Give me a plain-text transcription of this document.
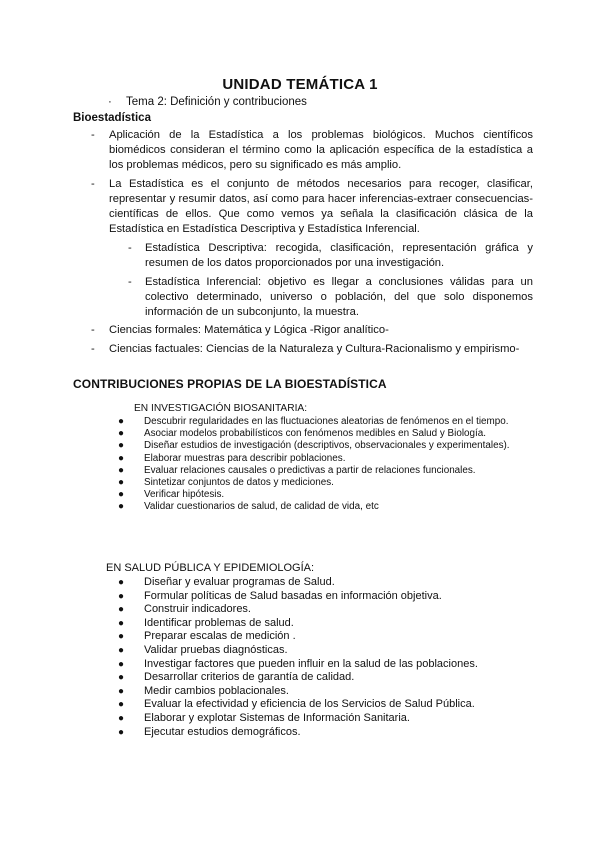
UNIDAD TEMÁTICA 1
· Tema 2: Definición y contribuciones
Bioestadística
- Aplicación de la Estadística a los problemas biológicos. Muchos científicos biomédicos consideran el término como la aplicación específica de la estadística a los problemas médicos, pero su significado es más amplio.
- La Estadística es el conjunto de métodos necesarios para recoger, clasificar, representar y resumir datos, así como para hacer inferencias-extraer consecuencias- científicas de ellos. Que como vemos ya señala la clasificación clásica de la Estadística en Estadística Descriptiva y Estadística Inferencial.
- Estadística Descriptiva: recogida, clasificación, representación gráfica y resumen de los datos proporcionados por una investigación.
- Estadística Inferencial: objetivo es llegar a conclusiones válidas para un colectivo determinado, universo o población, del que solo disponemos información de un subconjunto, la muestra.
- Ciencias formales: Matemática y Lógica -Rigor analítico-
- Ciencias factuales: Ciencias de la Naturaleza y Cultura-Racionalismo y empirismo-
CONTRIBUCIONES PROPIAS DE LA BIOESTADÍSTICA
EN INVESTIGACIÓN BIOSANITARIA:
● Descubrir regularidades en las fluctuaciones aleatorias de fenómenos en el tiempo.
● Asociar modelos probabilísticos con fenómenos medibles en Salud y Biología.
● Diseñar estudios de investigación (descriptivos, observacionales y experimentales).
● Elaborar muestras para describir poblaciones.
● Evaluar relaciones causales o predictivas a partir de relaciones funcionales.
● Sintetizar conjuntos de datos y mediciones.
● Verificar hipótesis.
● Validar cuestionarios de salud, de calidad de vida, etc
EN SALUD PÚBLICA Y EPIDEMIOLOGÍA:
● Diseñar y evaluar programas de Salud.
● Formular políticas de Salud basadas en información objetiva.
● Construir indicadores.
● Identificar problemas de salud.
● Preparar escalas de medición .
● Validar pruebas diagnósticas.
● Investigar factores que pueden influir en la salud de las poblaciones.
● Desarrollar criterios de garantía de calidad.
● Medir cambios poblacionales.
● Evaluar la efectividad y eficiencia de los Servicios de Salud Pública.
● Elaborar y explotar Sistemas de Información Sanitaria.
● Ejecutar estudios demográficos.
